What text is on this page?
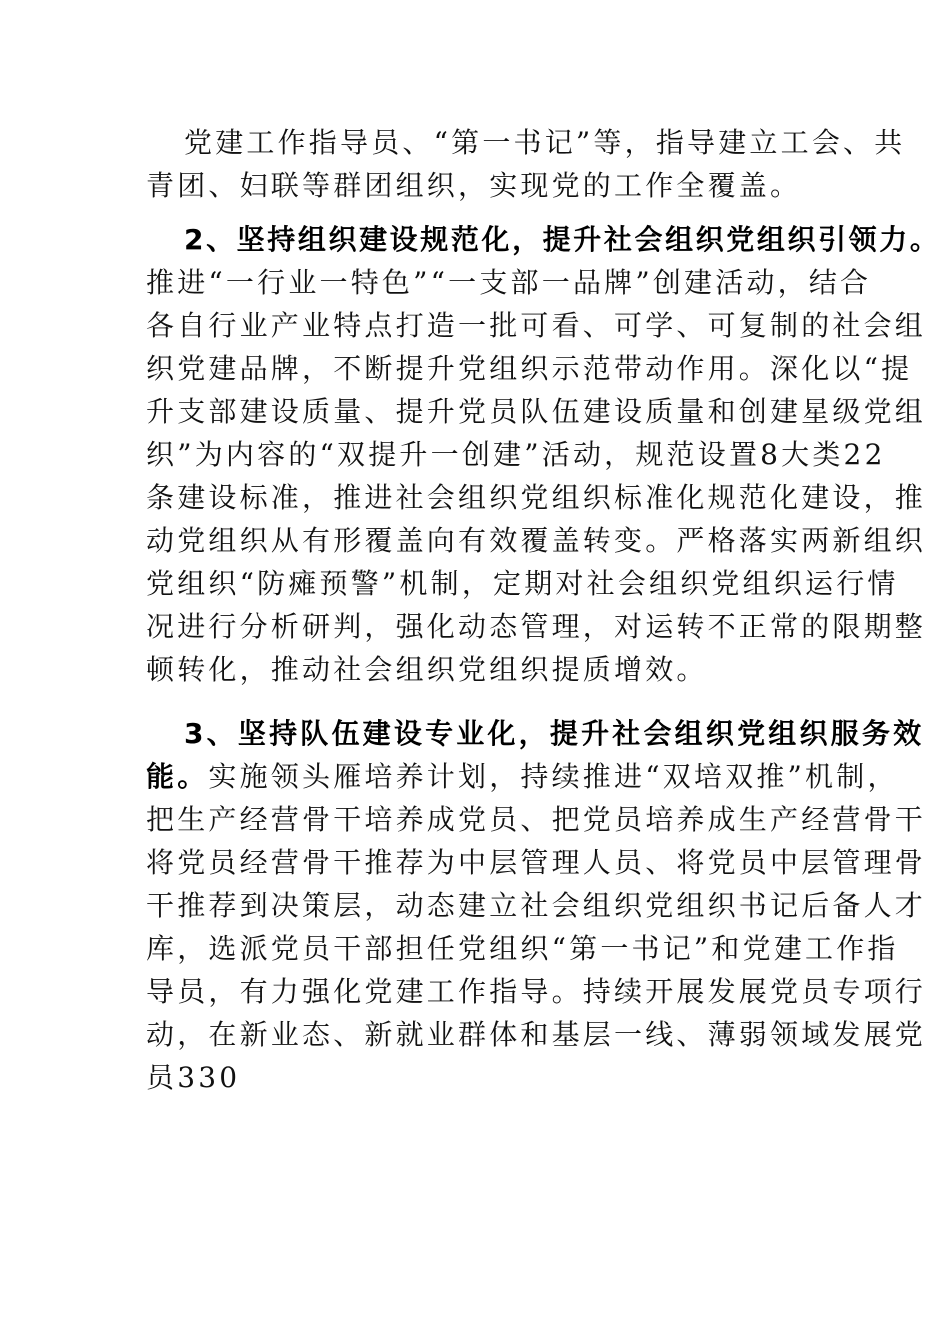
党建工作指导员、“第一书记”等，指导建立工会、共
青团、妇联等群团组织，实现党的工作全覆盖。
2、坚持组织建设规范化，提升社会组织党组织引领力。
推进“一行业一特色”“一支部一品牌”创建活动，结合
各自行业产业特点打造一批可看、可学、可复制的社会组
织党建品牌，不断提升党组织示范带动作用。深化以“提
升支部建设质量、提升党员队伍建设质量和创建星级党组
织”为内容的“双提升一创建”活动，规范设置8大类22
条建设标准，推进社会组织党组织标准化规范化建设，推
动党组织从有形覆盖向有效覆盖转变。严格落实两新组织
党组织“防瘫预警”机制，定期对社会组织党组织运行情
况进行分析研判，强化动态管理，对运转不正常的限期整
顿转化，推动社会组织党组织提质增效。
3、坚持队伍建设专业化，提升社会组织党组织服务效
能。实施领头雁培养计划，持续推进“双培双推”机制，
把生产经营骨干培养成党员、把党员培养成生产经营骨干
将党员经营骨干推荐为中层管理人员、将党员中层管理骨
干推荐到决策层，动态建立社会组织党组织书记后备人才
库，选派党员干部担任党组织“第一书记”和党建工作指
导员，有力强化党建工作指导。持续开展发展党员专项行
动，在新业态、新就业群体和基层一线、薄弱领域发展党
员330
